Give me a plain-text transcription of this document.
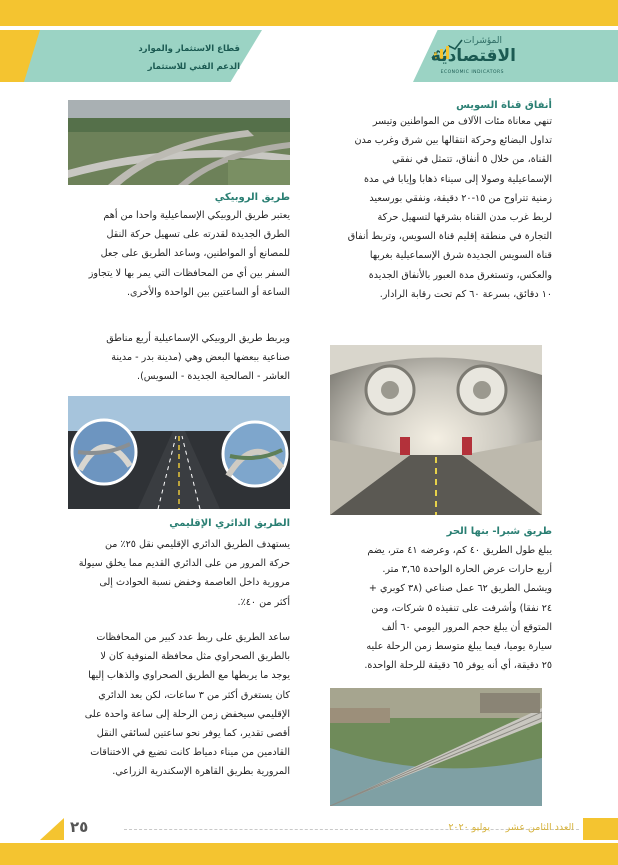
المؤشرات
الاقتصادية
ECONOMIC INDICATORS
قطاع الاستثمار والموارد
الدعم الفني للاستثمار
أنفاق قناة السويس
تنهي معاناة مئات الآلاف من المواطنين وتيسر
تداول البضائع وحركة انتقالها بين شرق وغرب مدن
القناة، من خلال ٥ أنفاق، تتمثل في نفقي
الإسماعيلية وصولا إلى سيناء ذهابا وإيابا في مدة
زمنية تتراوح من ١٥-٢٠ دقيقة، ونفقي بورسعيد
لربط غرب مدن القناة بشرقها لتسهيل حركة
التجارة في منطقة إقليم قناة السويس، وتربط أنفاق
قناة السويس الجديدة شرق الإسماعيلية بغربها
والعكس، وتستغرق مدة العبور بالأنفاق الجديدة
١٠ دقائق، بسرعة ٦٠ كم تحت رقابة الرادار.
طريق شبرا- بنها الحر
يبلغ طول الطريق ٤٠ كم، وعرضه ٤١ متر، يضم
أربع حارات عرض الحارة الواحدة ٣,٦٥ متر.
ويشمل الطريق ٦٢ عمل صناعي (٣٨ كوبري +
٢٤ نفقا) وأشرفت على تنفيذه ٥ شركات، ومن
المتوقع أن يبلغ حجم المرور اليومي ٦٠ ألف
سيارة يوميا، فيما يبلغ متوسط زمن الرحلة عليه
٢٥ دقيقة، أي أنه يوفر ٦٥ دقيقة للرحلة الواحدة.
طريق الروبيكي
يعتبر طريق الروبيكي الإسماعيلية واحدا من أهم
الطرق الجديدة لقدرته على تسهيل حركة النقل
للمصانع أو المواطنين، وساعد الطريق على جعل
السفر بين أي من المحافظات التي يمر بها لا يتجاوز
الساعة أو الساعتين بين الواحدة والأخرى.
ويربط طريق الروبيكي الإسماعيلية أربع مناطق
صناعية ببعضها البعض وهي (مدينة بدر - مدينة
العاشر - الصالحية الجديدة - السويس).
الطريق الدائري الإقليمي
يستهدف الطريق الدائري الإقليمي نقل ٢٥٪ من
حركة المرور من على الدائري القديم مما يخلق سيولة
مرورية داخل العاصمة وخفض نسبة الحوادث إلى
أكثر من ٤٠٪.
ساعد الطريق على ربط عدد كبير من المحافظات
بالطريق الصحراوي مثل محافظة المنوفية كان لا
يوجد ما يربطها مع الطريق الصحراوي والذهاب إليها
كان يستغرق أكثر من ٣ ساعات، لكن بعد الدائري
الإقليمي سيخفض زمن الرحلة إلى ساعة واحدة على
أقصى تقدير، كما يوفر نحو ساعتين لسائقي النقل
القادمين من ميناء دمياط كانت تضيع في الاختناقات
المرورية بطريق القاهرة الإسكندرية الزراعي.
٢٥	العدد الثامن عشر
يوليو ٢٠٢٠
